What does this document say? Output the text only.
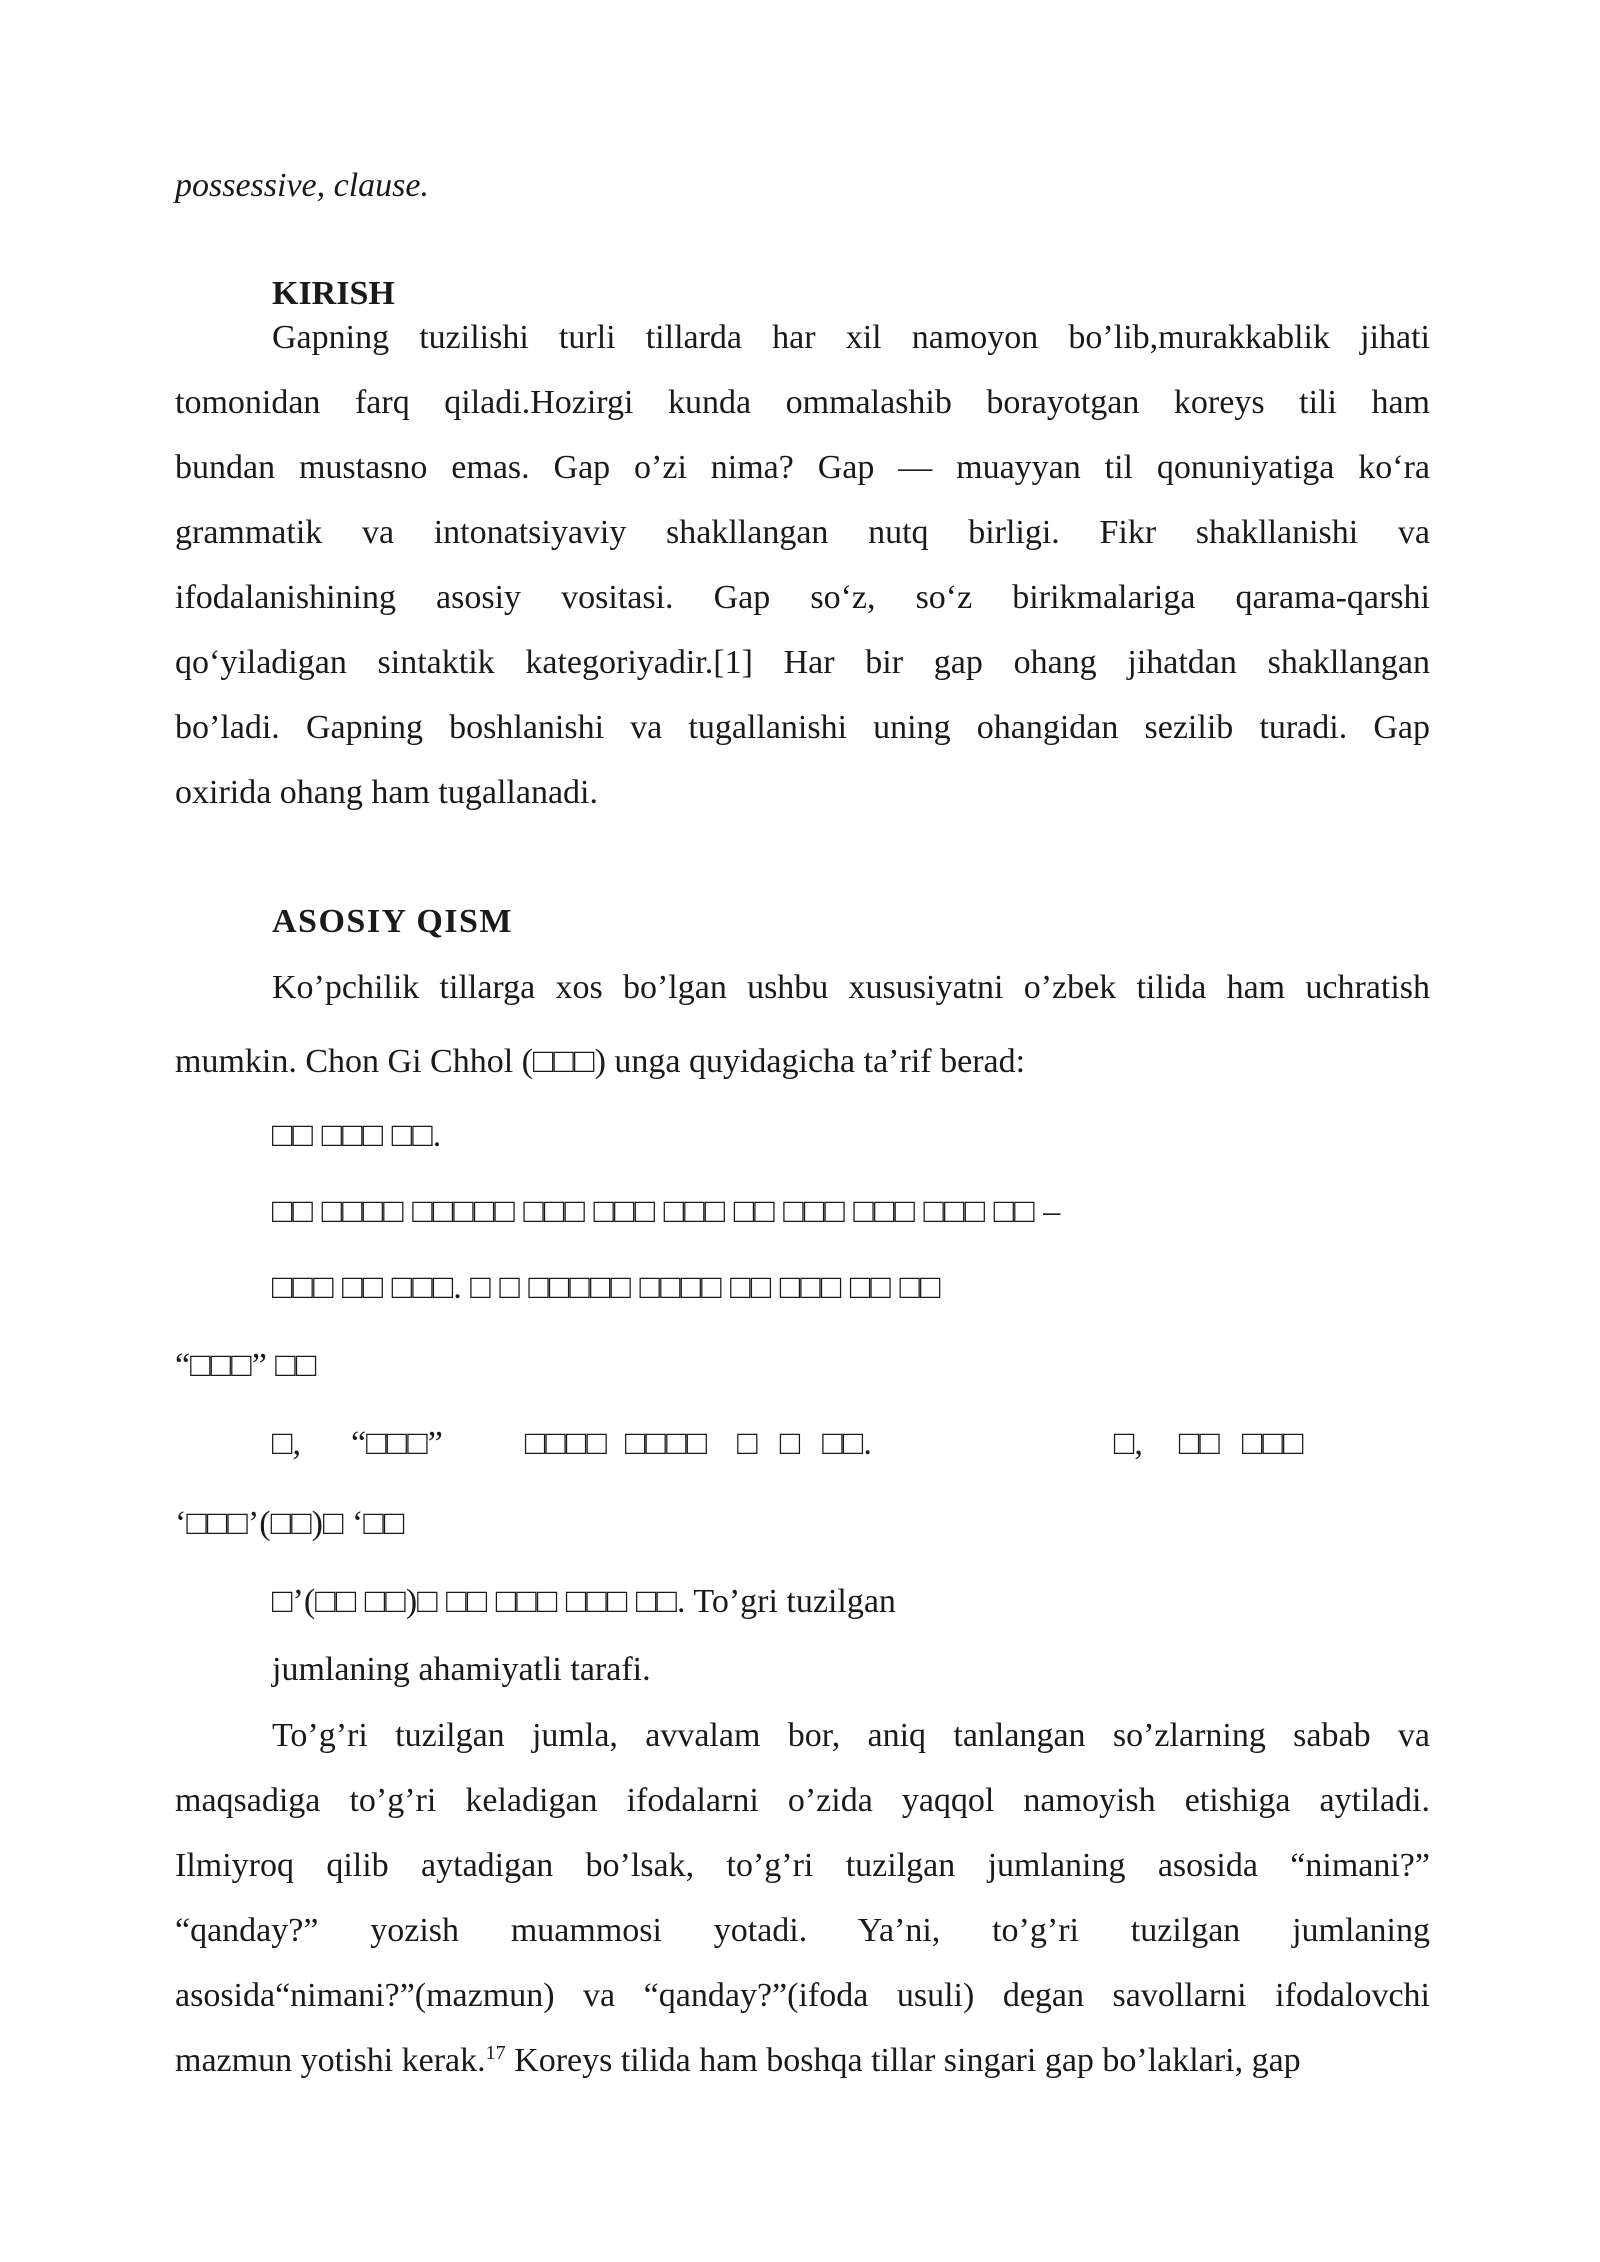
possessive, clause.
KIRISH
Gapning tuzilishi turli tillarda har xil namoyon bo’lib,murakkablik jihati
tomonidan farq qiladi.Hozirgi kunda ommalashib borayotgan koreys tili ham
bundan mustasno emas. Gap o’zi nima? Gap — muayyan til qonuniyatiga ko‘ra
grammatik va intonatsiyaviy shakllangan nutq birligi. Fikr shakllanishi va
ifodalanishining asosiy vositasi. Gap so‘z, so‘z birikmalariga qarama-qarshi
qo‘yiladigan sintaktik kategoriyadir.[1] Har bir gap ohang jihatdan shakllangan
bo’ladi. Gapning boshlanishi va tugallanishi uning ohangidan sezilib turadi. Gap
oxirida ohang ham tugallanadi.
ASOSIY QISM
Ko’pchilik tillarga xos bo’lgan ushbu xususiyatni o’zbek tilida ham uchratish
mumkin. Chon Gi Chhol (□□□) unga quyidagicha ta’rif berad:
□□ □□□ □□.
□□ □□□□ □□□□□ □□□ □□□ □□□ □□ □□□ □□□ □□□ □□ –
□□□ □□ □□□. □ □ □□□□□ □□□□ □□ □□□ □□ □□
“□□□” □□
□, “□□□” □□□□ □□□□ □ □ □□.	□, □□ □□□
‘□□□’(□□)□ ‘□□
□’(□□ □□)□ □□ □□□ □□□ □□. To’gri tuzilgan
jumlaning ahamiyatli tarafi.
To’g’ri tuzilgan jumla, avvalam bor, aniq tanlangan so’zlarning sabab va
maqsadiga to’g’ri keladigan ifodalarni o’zida yaqqol namoyish etishiga aytiladi.
Ilmiyroq qilib aytadigan bo’lsak, to’g’ri tuzilgan jumlaning asosida “nimani?”
“qanday?” yozish muammosi yotadi. Ya’ni, to’g’ri tuzilgan jumlaning
asosida“nimani?”(mazmun) va “qanday?”(ifoda usuli) degan savollarni ifodalovchi
mazmun yotishi kerak.$^{17}$ Koreys tilida ham boshqa tillar singari gap bo’laklari, gap
